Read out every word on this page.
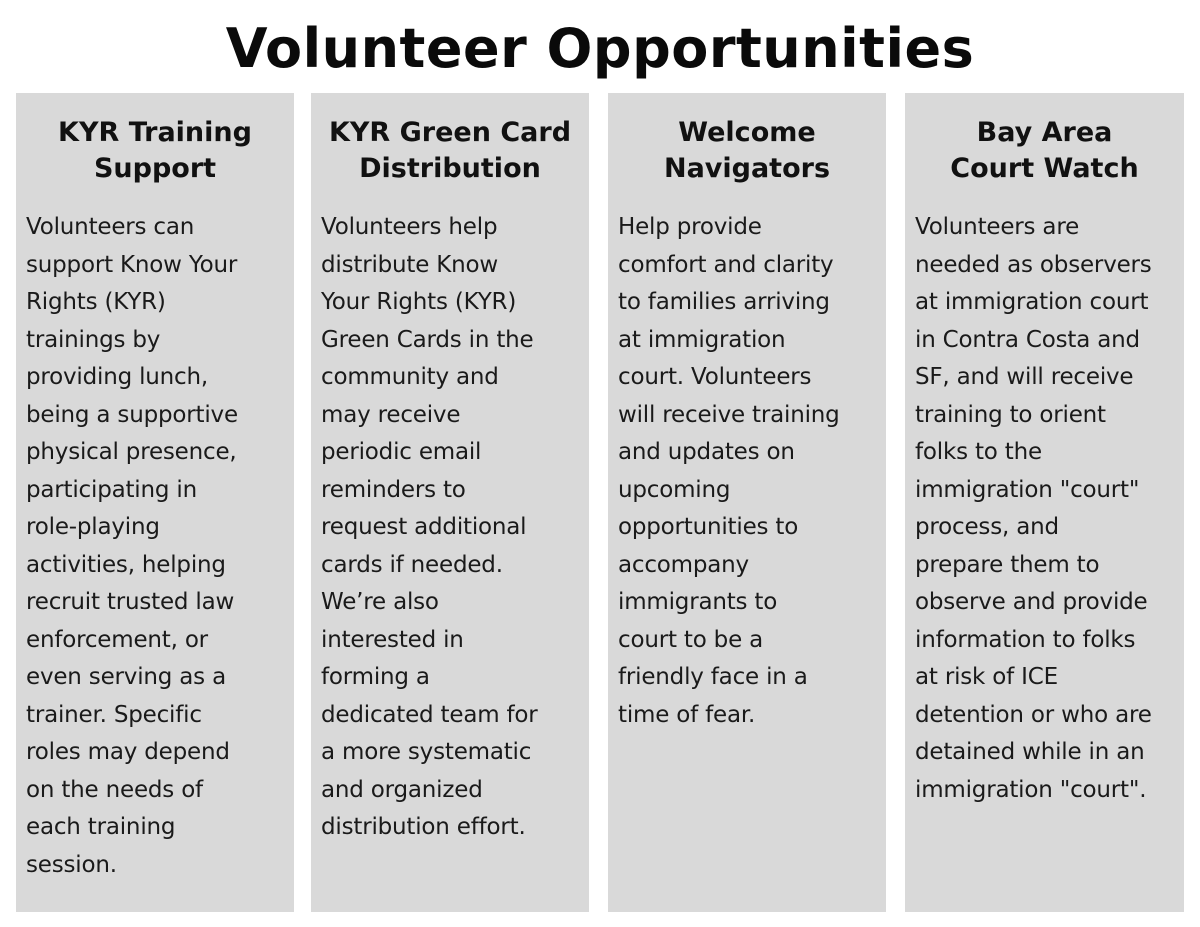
Volunteer Opportunities
KYR Training
Support
Volunteers can
support Know Your
Rights (KYR)
trainings by
providing lunch,
being a supportive
physical presence,
participating in
role-playing
activities, helping
recruit trusted law
enforcement, or
even serving as a
trainer. Specific
roles may depend
on the needs of
each training
session.
KYR Green Card
Distribution
Volunteers help
distribute Know
Your Rights (KYR)
Green Cards in the
community and
may receive
periodic email
reminders to
request additional
cards if needed.
We’re also
interested in
forming a
dedicated team for
a more systematic
and organized
distribution effort.
Welcome
Navigators
Help provide
comfort and clarity
to families arriving
at immigration
court. Volunteers
will receive training
and updates on
upcoming
opportunities to
accompany
immigrants to
court to be a
friendly face in a
time of fear.
Bay Area
Court Watch
Volunteers are
needed as observers
at immigration court
in Contra Costa and
SF, and will receive
training to orient
folks to the
immigration "court"
process, and
prepare them to
observe and provide
information to folks
at risk of ICE
detention or who are
detained while in an
immigration "court".
